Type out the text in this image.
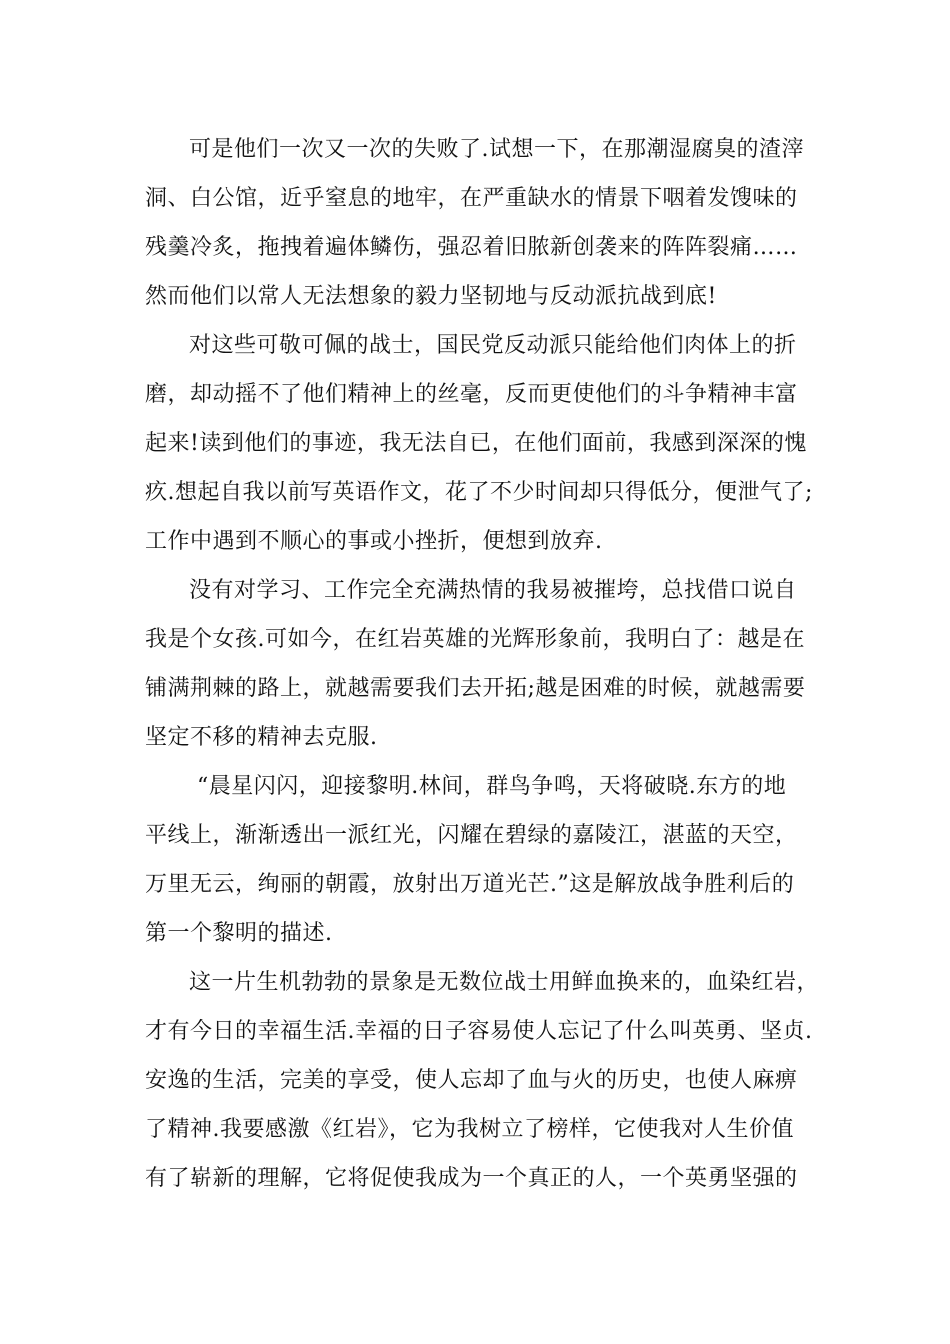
可是他们一次又一次的失败了.试想一下，在那潮湿腐臭的渣滓
洞、白公馆，近乎窒息的地牢，在严重缺水的情景下咽着发馊味的
残羹冷炙，拖拽着遍体鳞伤，强忍着旧脓新创袭来的阵阵裂痛……
然而他们以常人无法想象的毅力坚韧地与反动派抗战到底!
对这些可敬可佩的战士，国民党反动派只能给他们肉体上的折
磨，却动摇不了他们精神上的丝毫，反而更使他们的斗争精神丰富
起来!读到他们的事迹，我无法自已，在他们面前，我感到深深的愧
疚.想起自我以前写英语作文，花了不少时间却只得低分，便泄气了;
工作中遇到不顺心的事或小挫折，便想到放弃.
没有对学习、工作完全充满热情的我易被摧垮，总找借口说自
我是个女孩.可如今，在红岩英雄的光辉形象前，我明白了：越是在
铺满荆棘的路上，就越需要我们去开拓;越是困难的时候，就越需要
坚定不移的精神去克服.
“晨星闪闪，迎接黎明.林间，群鸟争鸣，天将破晓.东方的地
平线上，渐渐透出一派红光，闪耀在碧绿的嘉陵江，湛蓝的天空，
万里无云，绚丽的朝霞，放射出万道光芒.”这是解放战争胜利后的
第一个黎明的描述.
这一片生机勃勃的景象是无数位战士用鲜血换来的，血染红岩，
才有今日的幸福生活.幸福的日子容易使人忘记了什么叫英勇、坚贞.
安逸的生活，完美的享受，使人忘却了血与火的历史，也使人麻痹
了精神.我要感激《红岩》，它为我树立了榜样，它使我对人生价值
有了崭新的理解，它将促使我成为一个真正的人，一个英勇坚强的
